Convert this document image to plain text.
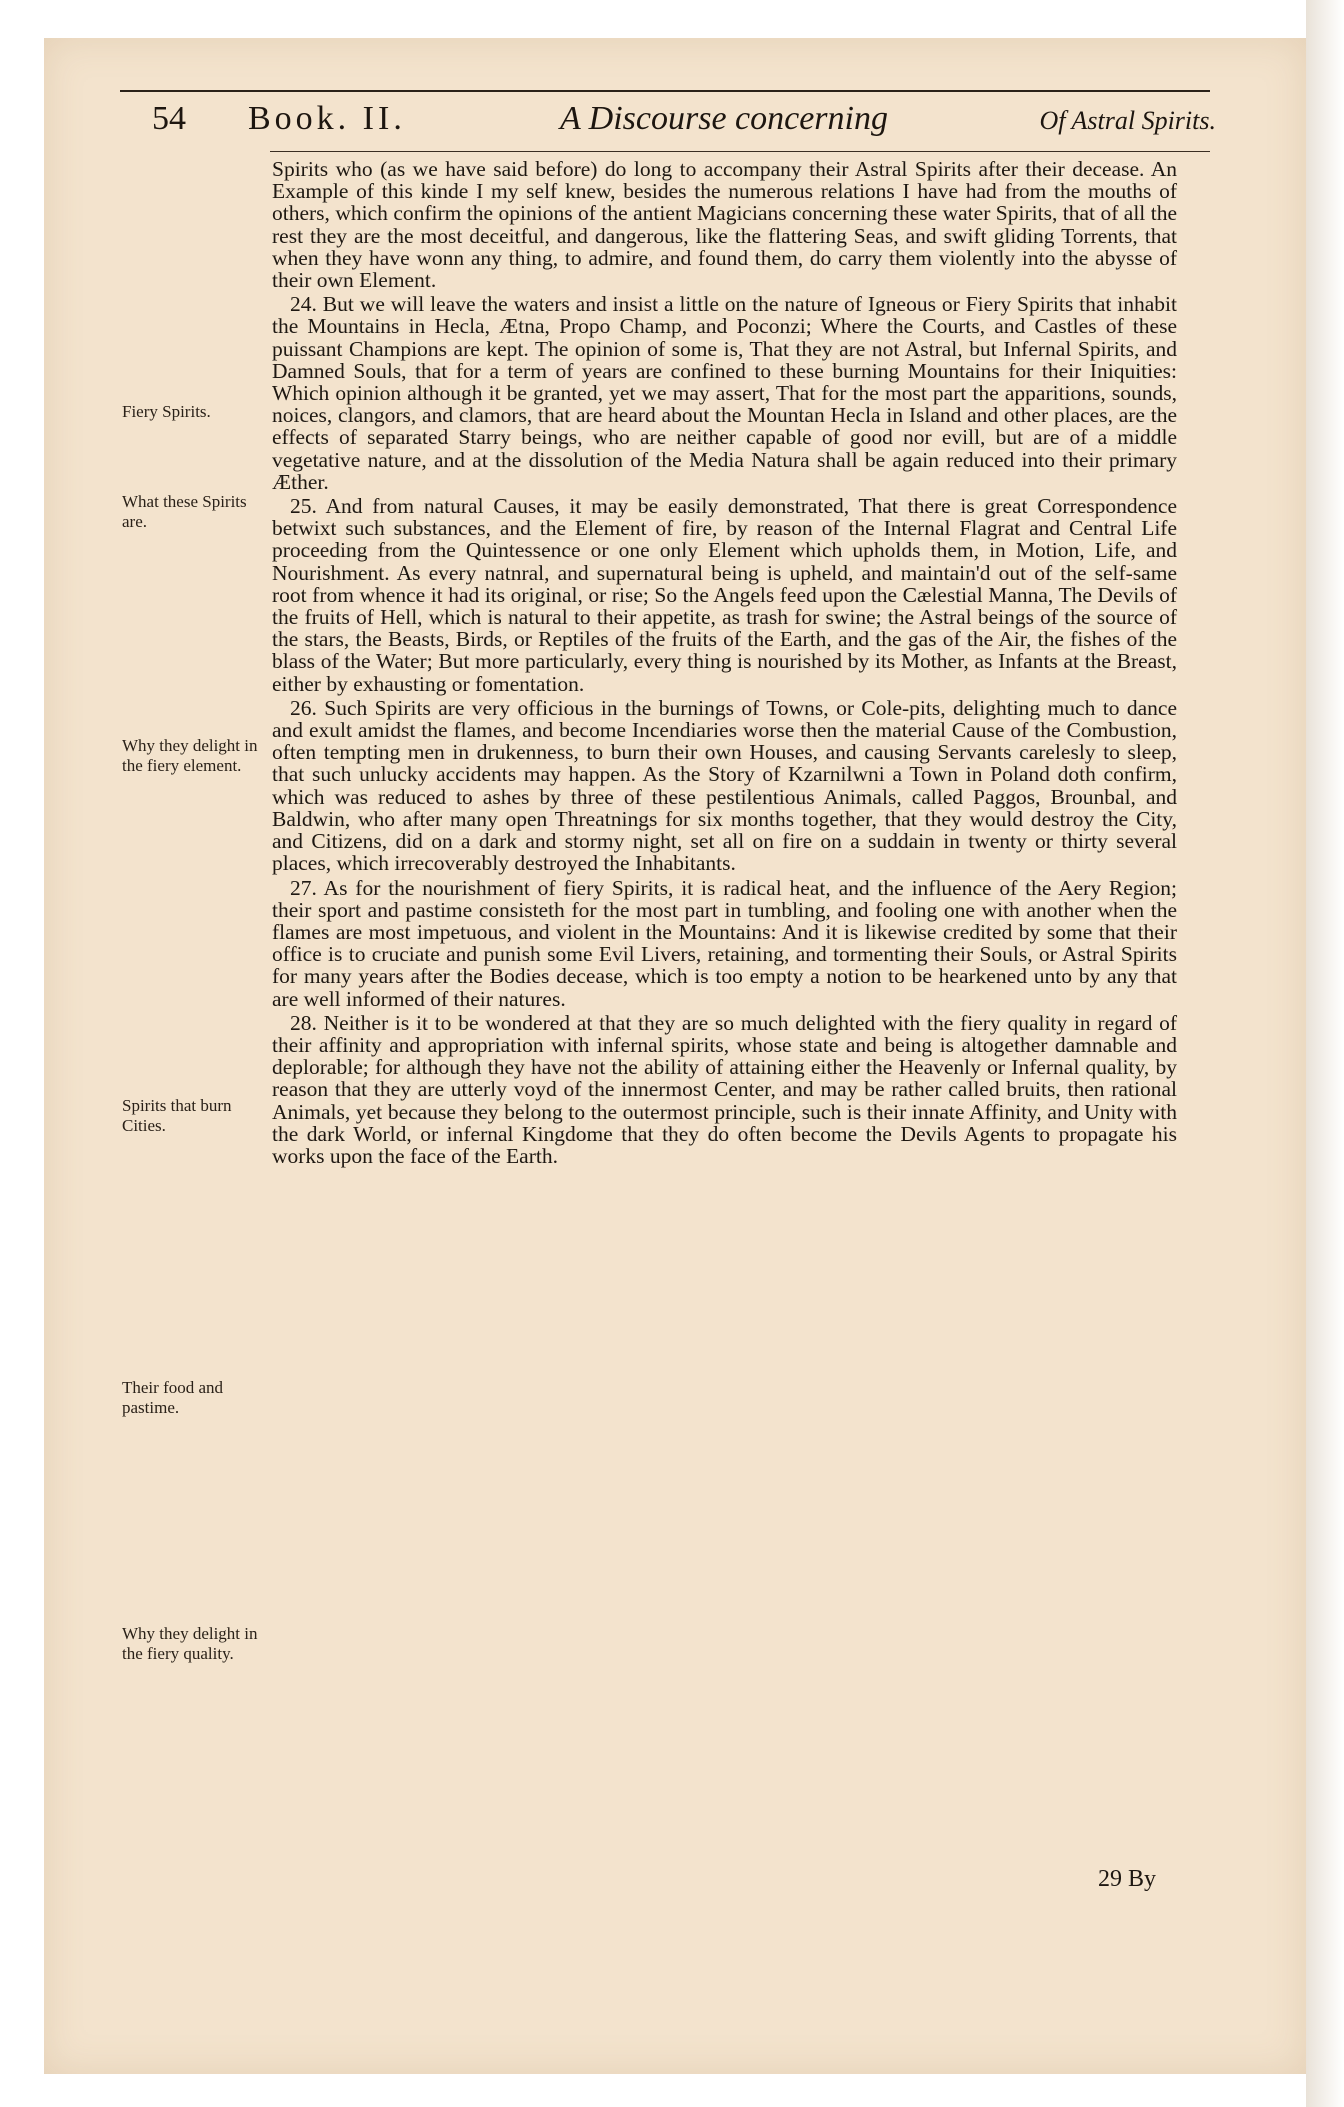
54 Book. II.	A Discourse concerning	Of Astral Spirits.
Fiery Spirits.
What these Spirits are.
Why they delight in the fiery element.
Spirits that burn Cities.
Their food and pastime.
Why they delight in the fiery quality.

Spirits who (as we have said before) do long to accompany their Astral Spirits after their decease. An Example of this kinde I my self knew, besides the numerous relations I have had from the mouths of others, which confirm the opinions of the antient Magicians concerning these water Spirits, that of all the rest they are the most deceitful, and dangerous, like the flattering Seas, and swift gliding Torrents, that when they have wonn any thing, to admire, and found them, do carry them violently into the abysse of their own Element.

24. But we will leave the waters and insist a little on the nature of Igneous or Fiery Spirits that inhabit the Mountains in Hecla, Ætna, Propo Champ, and Poconzi; Where the Courts, and Castles of these puissant Champions are kept. The opinion of some is, That they are not Astral, but Infernal Spirits, and Damned Souls, that for a term of years are confined to these burning Mountains for their Iniquities: Which opinion although it be granted, yet we may assert, That for the most part the apparitions, sounds, noices, clangors, and clamors, that are heard about the Mountan Hecla in Island and other places, are the effects of separated Starry beings, who are neither capable of good nor evill, but are of a middle vegetative nature, and at the dissolution of the Media Natura shall be again reduced into their primary Æther.

25. And from natural Causes, it may be easily demonstrated, That there is great Correspondence betwixt such substances, and the Element of fire, by reason of the Internal Flagrat and Central Life proceeding from the Quintessence or one only Element which upholds them, in Motion, Life, and Nourishment. As every natnral, and supernatural being is upheld, and maintain'd out of the self-same root from whence it had its original, or rise; So the Angels feed upon the Cælestial Manna, The Devils of the fruits of Hell, which is natural to their appetite, as trash for swine; the Astral beings of the source of the stars, the Beasts, Birds, or Reptiles of the fruits of the Earth, and the gas of the Air, the fishes of the blass of the Water; But more particularly, every thing is nourished by its Mother, as Infants at the Breast, either by exhausting or fomentation.

26. Such Spirits are very officious in the burnings of Towns, or Cole-pits, delighting much to dance and exult amidst the flames, and become Incendiaries worse then the material Cause of the Combustion, often tempting men in drukenness, to burn their own Houses, and causing Servants carelesly to sleep, that such unlucky accidents may happen. As the Story of Kzarnilwni a Town in Poland doth confirm, which was reduced to ashes by three of these pestilentious Animals, called Paggos, Brounbal, and Baldwin, who after many open Threatnings for six months together, that they would destroy the City, and Citizens, did on a dark and stormy night, set all on fire on a suddain in twenty or thirty several places, which irrecoverably destroyed the Inhabitants.

27. As for the nourishment of fiery Spirits, it is radical heat, and the influence of the Aery Region; their sport and pastime consisteth for the most part in tumbling, and fooling one with another when the flames are most impetuous, and violent in the Mountains: And it is likewise credited by some that their office is to cruciate and punish some Evil Livers, retaining, and tormenting their Souls, or Astral Spirits for many years after the Bodies decease, which is too empty a notion to be hearkened unto by any that are well informed of their natures.

28. Neither is it to be wondered at that they are so much delighted with the fiery quality in regard of their affinity and appropriation with infernal spirits, whose state and being is altogether damnable and deplorable; for although they have not the ability of attaining either the Heavenly or Infernal quality, by reason that they are utterly voyd of the innermost Center, and may be rather called bruits, then rational Animals, yet because they belong to the outermost principle, such is their innate Affinity, and Unity with the dark World, or infernal Kingdome that they do often become the Devils Agents to propagate his works upon the face of the Earth.

29 By
